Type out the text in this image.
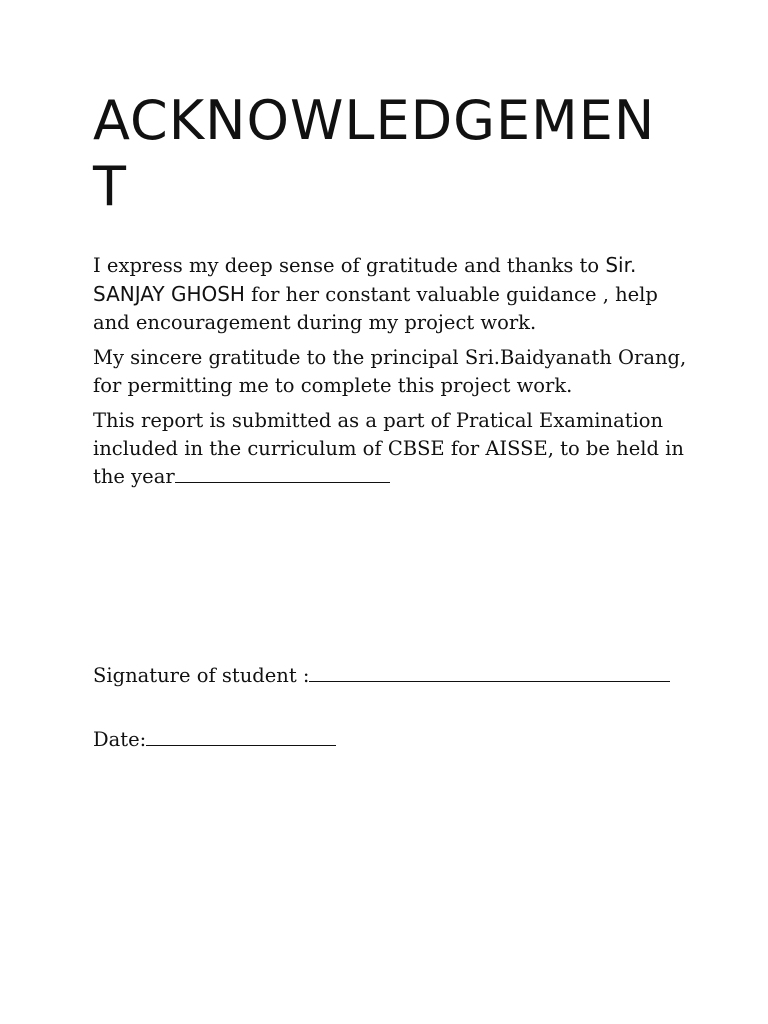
ACKNOWLEDGEMENT

I express my deep sense of gratitude and thanks to Sir. SANJAY GHOSH for her constant valuable guidance , help and encouragement during my project work.

My sincere gratitude to the principal Sri.Baidyanath Orang, for permitting me to complete this project work.

This report is submitted as a part of Pratical Examination included in the curriculum of CBSE for AISSE, to be held in the year

Signature of student :
Date:
